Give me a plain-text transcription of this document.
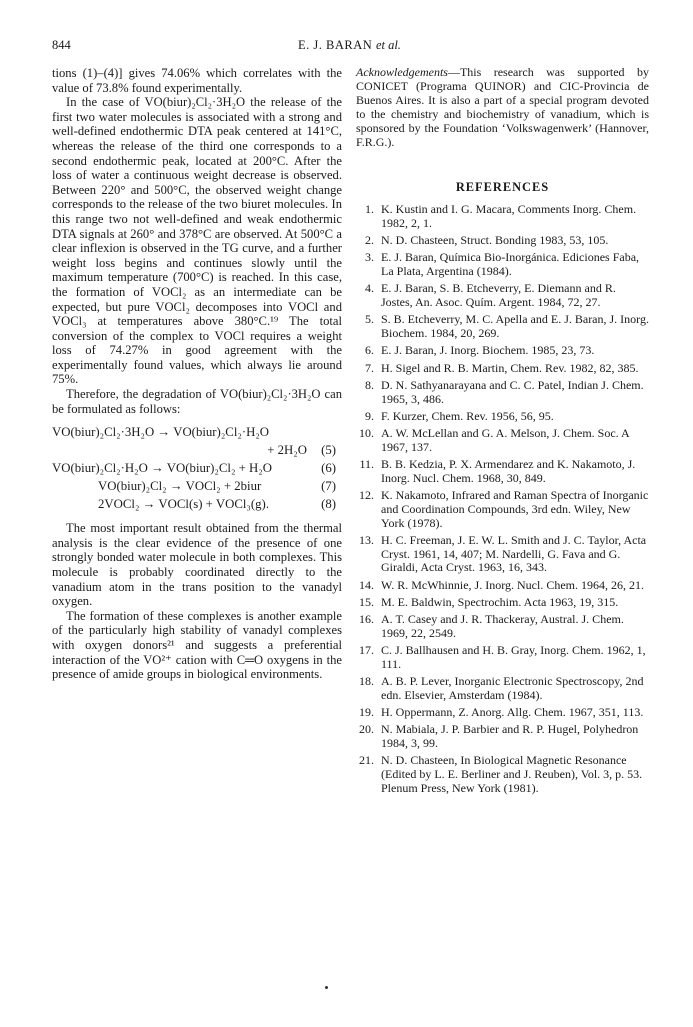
844	E. J. BARAN et al.

tions (1)–(4)] gives 74.06% which correlates with the value of 73.8% found experimentally.

In the case of VO(biur)₂Cl₂·3H₂O the release of the first two water molecules is associated with a strong and well-defined endothermic DTA peak centered at 141°C, whereas the release of the third one corresponds to a second endothermic peak, located at 200°C. After the loss of water a continuous weight decrease is observed. Between 220° and 500°C, the observed weight change corresponds to the release of the two biuret molecules. In this range two not well-defined and weak endothermic DTA signals at 260° and 378°C are observed. At 500°C a clear inflexion is observed in the TG curve, and a further weight loss begins and continues slowly until the maximum temperature (700°C) is reached. In this case, the formation of VOCl₂ as an intermediate can be expected, but pure VOCl₂ decomposes into VOCl and VOCl₃ at temperatures above 380°C.¹⁹ The total conversion of the complex to VOCl requires a weight loss of 74.27% in good agreement with the experimentally found values, which always lie around 75%.

Therefore, the degradation of VO(biur)₂Cl₂·3H₂O can be formulated as follows:

VO(biur)₂Cl₂·3H₂O → VO(biur)₂Cl₂·H₂O
+ 2H₂O (5)
VO(biur)₂Cl₂·H₂O → VO(biur)₂Cl₂ + H₂O	(6)
VO(biur)₂Cl₂ → VOCl₂ + 2biur	(7)
2VOCl₂ → VOCl(s) + VOCl₃(g).	(8)

The most important result obtained from the thermal analysis is the clear evidence of the presence of one strongly bonded water molecule in both complexes. This molecule is probably coordinated directly to the vanadium atom in the trans position to the vanadyl oxygen.

The formation of these complexes is another example of the particularly high stability of vanadyl complexes with oxygen donors²¹ and suggests a preferential interaction of the VO²⁺ cation with C═O oxygens in the presence of amide groups in biological environments.

Acknowledgements—This research was supported by CONICET (Programa QUINOR) and CIC-Provincia de Buenos Aires. It is also a part of a special program devoted to the chemistry and biochemistry of vanadium, which is sponsored by the Foundation ‘Volkswagenwerk’ (Hannover, F.R.G.).

REFERENCES
1. K. Kustin and I. G. Macara, Comments Inorg. Chem. 1982, 2, 1.
2. N. D. Chasteen, Struct. Bonding 1983, 53, 105.
3. E. J. Baran, Química Bio-Inorgánica. Ediciones Faba, La Plata, Argentina (1984).
4. E. J. Baran, S. B. Etcheverry, E. Diemann and R. Jostes, An. Asoc. Quím. Argent. 1984, 72, 27.
5. S. B. Etcheverry, M. C. Apella and E. J. Baran, J. Inorg. Biochem. 1984, 20, 269.
6. E. J. Baran, J. Inorg. Biochem. 1985, 23, 73.
7. H. Sigel and R. B. Martin, Chem. Rev. 1982, 82, 385.
8. D. N. Sathyanarayana and C. C. Patel, Indian J. Chem. 1965, 3, 486.
9. F. Kurzer, Chem. Rev. 1956, 56, 95.
10. A. W. McLellan and G. A. Melson, J. Chem. Soc. A 1967, 137.
11. B. B. Kedzia, P. X. Armendarez and K. Nakamoto, J. Inorg. Nucl. Chem. 1968, 30, 849.
12. K. Nakamoto, Infrared and Raman Spectra of Inorganic and Coordination Compounds, 3rd edn. Wiley, New York (1978).
13. H. C. Freeman, J. E. W. L. Smith and J. C. Taylor, Acta Cryst. 1961, 14, 407; M. Nardelli, G. Fava and G. Giraldi, Acta Cryst. 1963, 16, 343.
14. W. R. McWhinnie, J. Inorg. Nucl. Chem. 1964, 26, 21.
15. M. E. Baldwin, Spectrochim. Acta 1963, 19, 315.
16. A. T. Casey and J. R. Thackeray, Austral. J. Chem. 1969, 22, 2549.
17. C. J. Ballhausen and H. B. Gray, Inorg. Chem. 1962, 1, 111.
18. A. B. P. Lever, Inorganic Electronic Spectroscopy, 2nd edn. Elsevier, Amsterdam (1984).
19. H. Oppermann, Z. Anorg. Allg. Chem. 1967, 351, 113.
20. N. Mabiala, J. P. Barbier and R. P. Hugel, Polyhedron 1984, 3, 99.
21. N. D. Chasteen, In Biological Magnetic Resonance (Edited by L. E. Berliner and J. Reuben), Vol. 3, p. 53. Plenum Press, New York (1981).
